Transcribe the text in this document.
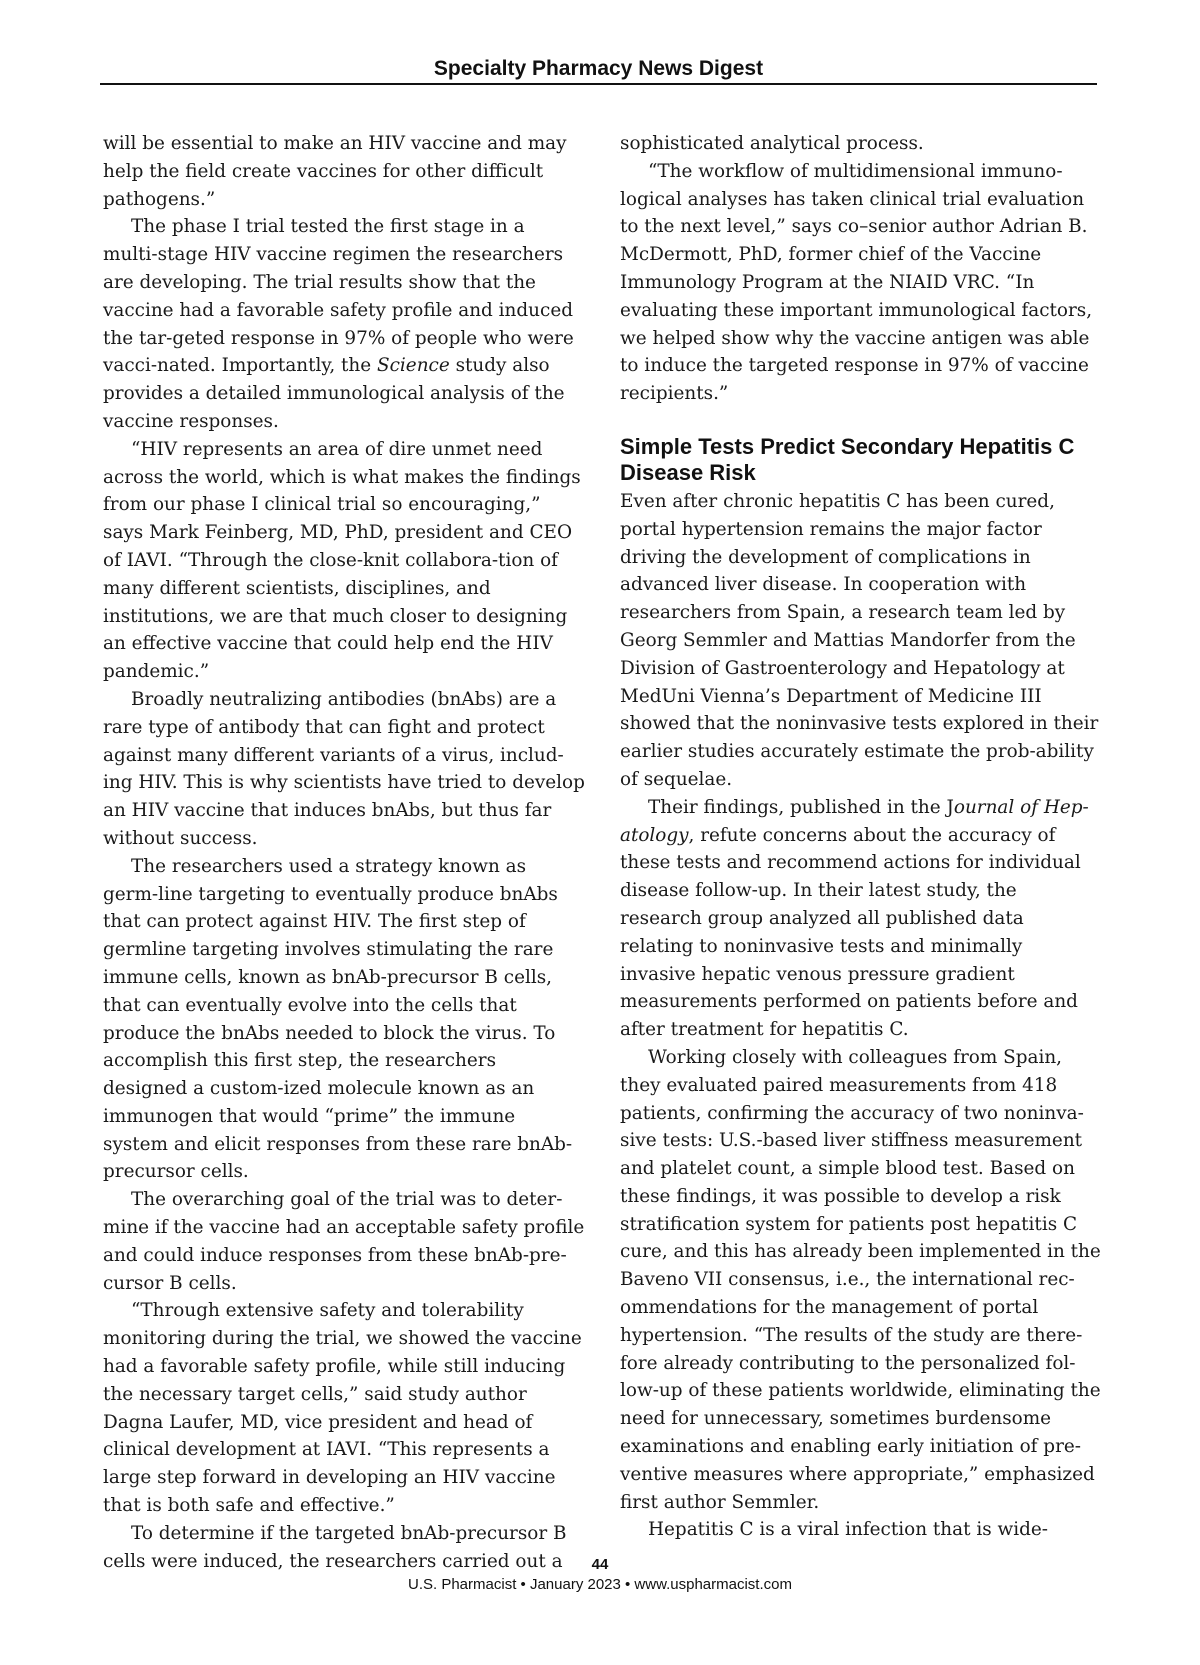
Specialty Pharmacy News Digest

will be essential to make an HIV vaccine and may help the field create vaccines for other difficult pathogens.”

The phase I trial tested the first stage in a multi-stage HIV vaccine regimen the researchers are developing. The trial results show that the vaccine had a favorable safety profile and induced the tar-geted response in 97% of people who were vacci-nated. Importantly, the Science study also provides a detailed immunological analysis of the vaccine responses.

“HIV represents an area of dire unmet need across the world, which is what makes the findings from our phase I clinical trial so encouraging,” says Mark Feinberg, MD, PhD, president and CEO of IAVI. “Through the close-knit collabora-tion of many different scientists, disciplines, and institutions, we are that much closer to designing an effective vaccine that could help end the HIV pandemic.”

Broadly neutralizing antibodies (bnAbs) are a rare type of antibody that can fight and protect against many different variants of a virus, includ-ing HIV. This is why scientists have tried to develop an HIV vaccine that induces bnAbs, but thus far without success.

The researchers used a strategy known as germ-line targeting to eventually produce bnAbs that can protect against HIV. The first step of germline targeting involves stimulating the rare immune cells, known as bnAb-precursor B cells, that can eventually evolve into the cells that produce the bnAbs needed to block the virus. To accomplish this first step, the researchers designed a custom-ized molecule known as an immunogen that would “prime” the immune system and elicit responses from these rare bnAb-precursor cells.

The overarching goal of the trial was to deter-mine if the vaccine had an acceptable safety profile and could induce responses from these bnAb-pre-cursor B cells.

“Through extensive safety and tolerability monitoring during the trial, we showed the vaccine had a favorable safety profile, while still inducing the necessary target cells,” said study author Dagna Laufer, MD, vice president and head of clinical development at IAVI. “This represents a large step forward in developing an HIV vaccine that is both safe and effective.”

To determine if the targeted bnAb-precursor B cells were induced, the researchers carried out a

sophisticated analytical process.

“The workflow of multidimensional immuno-logical analyses has taken clinical trial evaluation to the next level,” says co–senior author Adrian B. McDermott, PhD, former chief of the Vaccine Immunology Program at the NIAID VRC. “In evaluating these important immunological factors, we helped show why the vaccine antigen was able to induce the targeted response in 97% of vaccine recipients.”

Simple Tests Predict Secondary Hepatitis C Disease Risk

Even after chronic hepatitis C has been cured, portal hypertension remains the major factor driving the development of complications in advanced liver disease. In cooperation with researchers from Spain, a research team led by Georg Semmler and Mattias Mandorfer from the Division of Gastroenterology and Hepatology at MedUni Vienna’s Department of Medicine III showed that the noninvasive tests explored in their earlier studies accurately estimate the prob-ability of sequelae.

Their findings, published in the Journal of Hep-atology, refute concerns about the accuracy of these tests and recommend actions for individual disease follow-up. In their latest study, the research group analyzed all published data relating to noninvasive tests and minimally invasive hepatic venous pressure gradient measurements performed on patients before and after treatment for hepatitis C.

Working closely with colleagues from Spain, they evaluated paired measurements from 418 patients, confirming the accuracy of two noninva-sive tests: U.S.-based liver stiffness measurement and platelet count, a simple blood test. Based on these findings, it was possible to develop a risk stratification system for patients post hepatitis C cure, and this has already been implemented in the Baveno VII consensus, i.e., the international rec-ommendations for the management of portal hypertension. “The results of the study are there-fore already contributing to the personalized fol-low-up of these patients worldwide, eliminating the need for unnecessary, sometimes burdensome examinations and enabling early initiation of pre-ventive measures where appropriate,” emphasized first author Semmler.

Hepatitis C is a viral infection that is wide-

44
U.S. Pharmacist • January 2023 • www.uspharmacist.com
